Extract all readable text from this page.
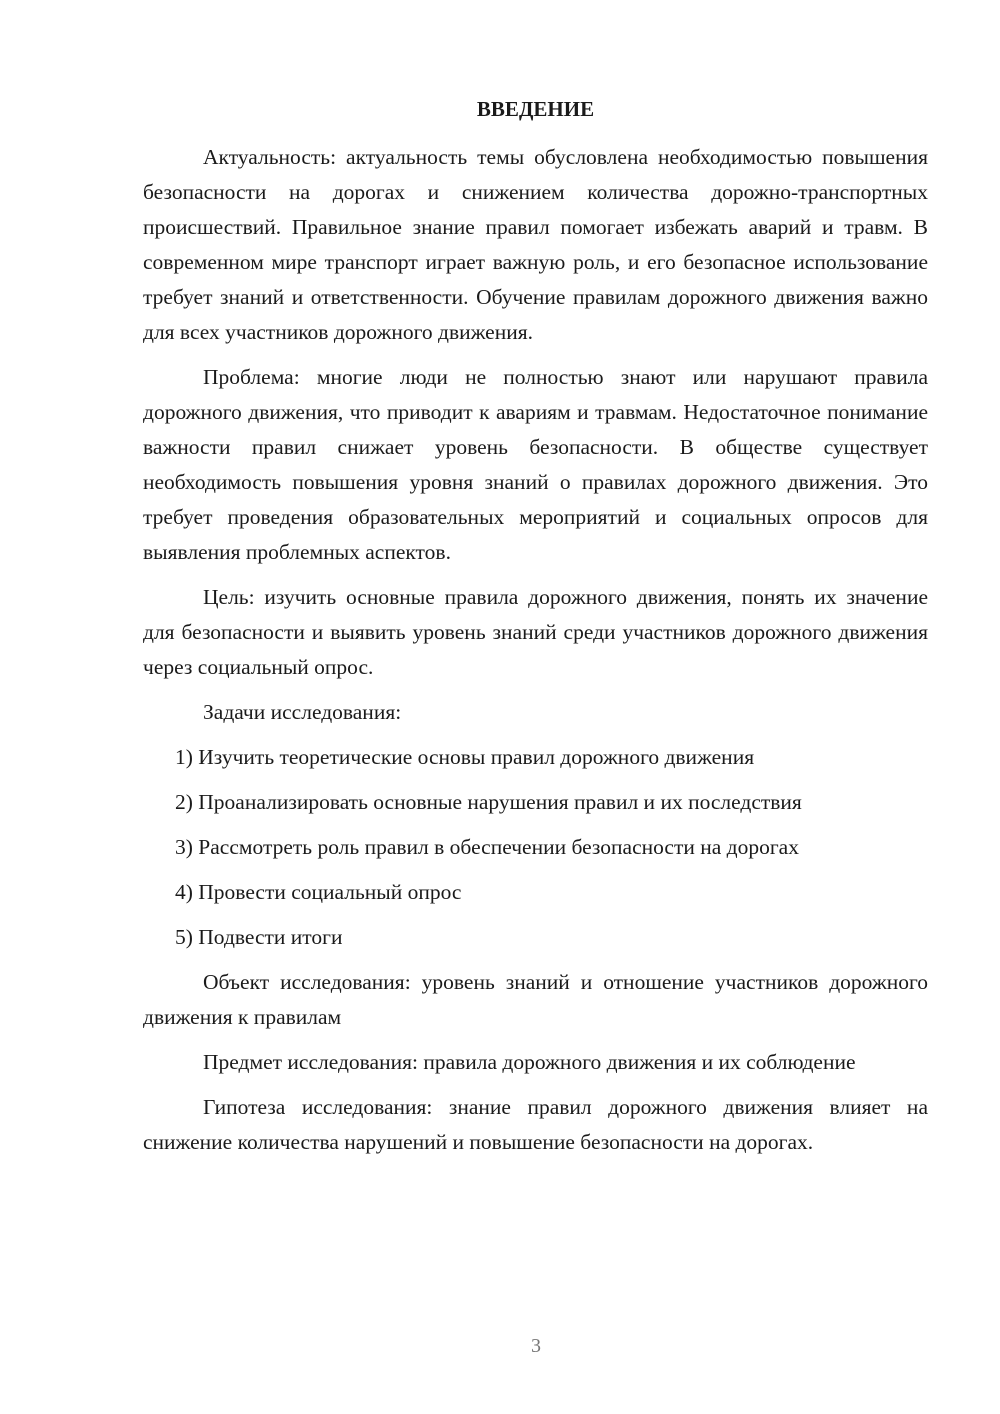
ВВЕДЕНИЕ

Актуальность: актуальность темы обусловлена необходимостью повышения безопасности на дорогах и снижением количества дорожно-транспортных происшествий. Правильное знание правил помогает избежать аварий и травм. В современном мире транспорт играет важную роль, и его безопасное использование требует знаний и ответственности. Обучение правилам дорожного движения важно для всех участников дорожного движения.

Проблема: многие люди не полностью знают или нарушают правила дорожного движения, что приводит к авариям и травмам. Недостаточное понимание важности правил снижает уровень безопасности. В обществе существует необходимость повышения уровня знаний о правилах дорожного движения. Это требует проведения образовательных мероприятий и социальных опросов для выявления проблемных аспектов.

Цель: изучить основные правила дорожного движения, понять их значение для безопасности и выявить уровень знаний среди участников дорожного движения через социальный опрос.

Задачи исследования:

1) Изучить теоретические основы правил дорожного движения
2) Проанализировать основные нарушения правил и их последствия
3) Рассмотреть роль правил в обеспечении безопасности на дорогах
4) Провести социальный опрос
5) Подвести итоги

Объект исследования: уровень знаний и отношение участников дорожного движения к правилам

Предмет исследования: правила дорожного движения и их соблюдение

Гипотеза исследования: знание правил дорожного движения влияет на снижение количества нарушений и повышение безопасности на дорогах.

3
